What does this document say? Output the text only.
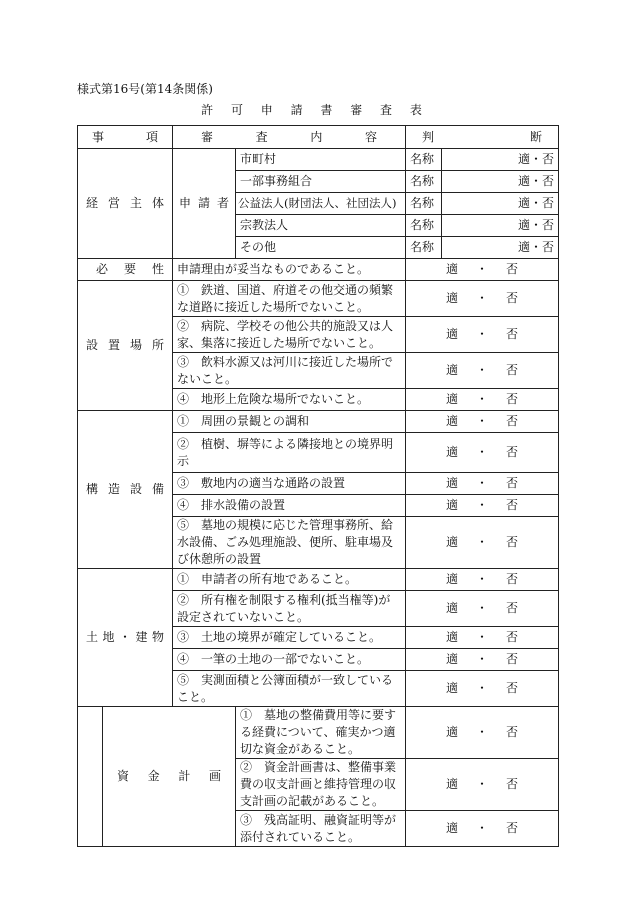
様式第16号(第14条関係)
許 可 申 請 書 審 査 表
事 項		審 査 内 容		判 断	

経 営 主 体		申 請 者	市町村	名称	適・否
			一部事務組合	名称	適・否
			公益法人(財団法人、社団法人)	名称	適・否
			宗教法人	名称	適・否
			その他	名称	適・否

必 要 性		申請理由が妥当なものであること。		適 ・ 否	

設 置 場 所		①　鉄道、国道、府道その他交通の頻繁な道路に接近した場所でないこと。		適 ・ 否	

		②　病院、学校その他公共的施設又は人家、集落に接近した場所でないこと。		適 ・ 否	

		③　飲料水源又は河川に接近した場所でないこと。		適 ・ 否	

		④　地形上危険な場所でないこと。		適 ・ 否	

構 造 設 備		①　周囲の景観との調和		適 ・ 否	

		②　植樹、塀等による隣接地との境界明示		適 ・ 否	

		③　敷地内の適当な通路の設置		適 ・ 否	

		④　排水設備の設置		適 ・ 否	

		⑤　墓地の規模に応じた管理事務所、給水設備、ごみ処理施設、便所、駐車場及び休憩所の設置		適 ・ 否	

土 地 ・ 建 物		①　申請者の所有地であること。		適 ・ 否	

		②　所有権を制限する権利(抵当権等)が設定されていないこと。		適 ・ 否	

		③　土地の境界が確定していること。		適 ・ 否	

		④　一筆の土地の一部でないこと。		適 ・ 否	

		⑤　実測面積と公簿面積が一致していること。		適 ・ 否	

	資 金 計 画		①　墓地の整備費用等に要する経費について、確実かつ適切な資金があること。	適 ・ 否	

			②　資金計画書は、整備事業費の収支計画と維持管理の収支計画の記載があること。	適 ・ 否	

			③　残高証明、融資証明等が添付されていること。	適 ・ 否	
